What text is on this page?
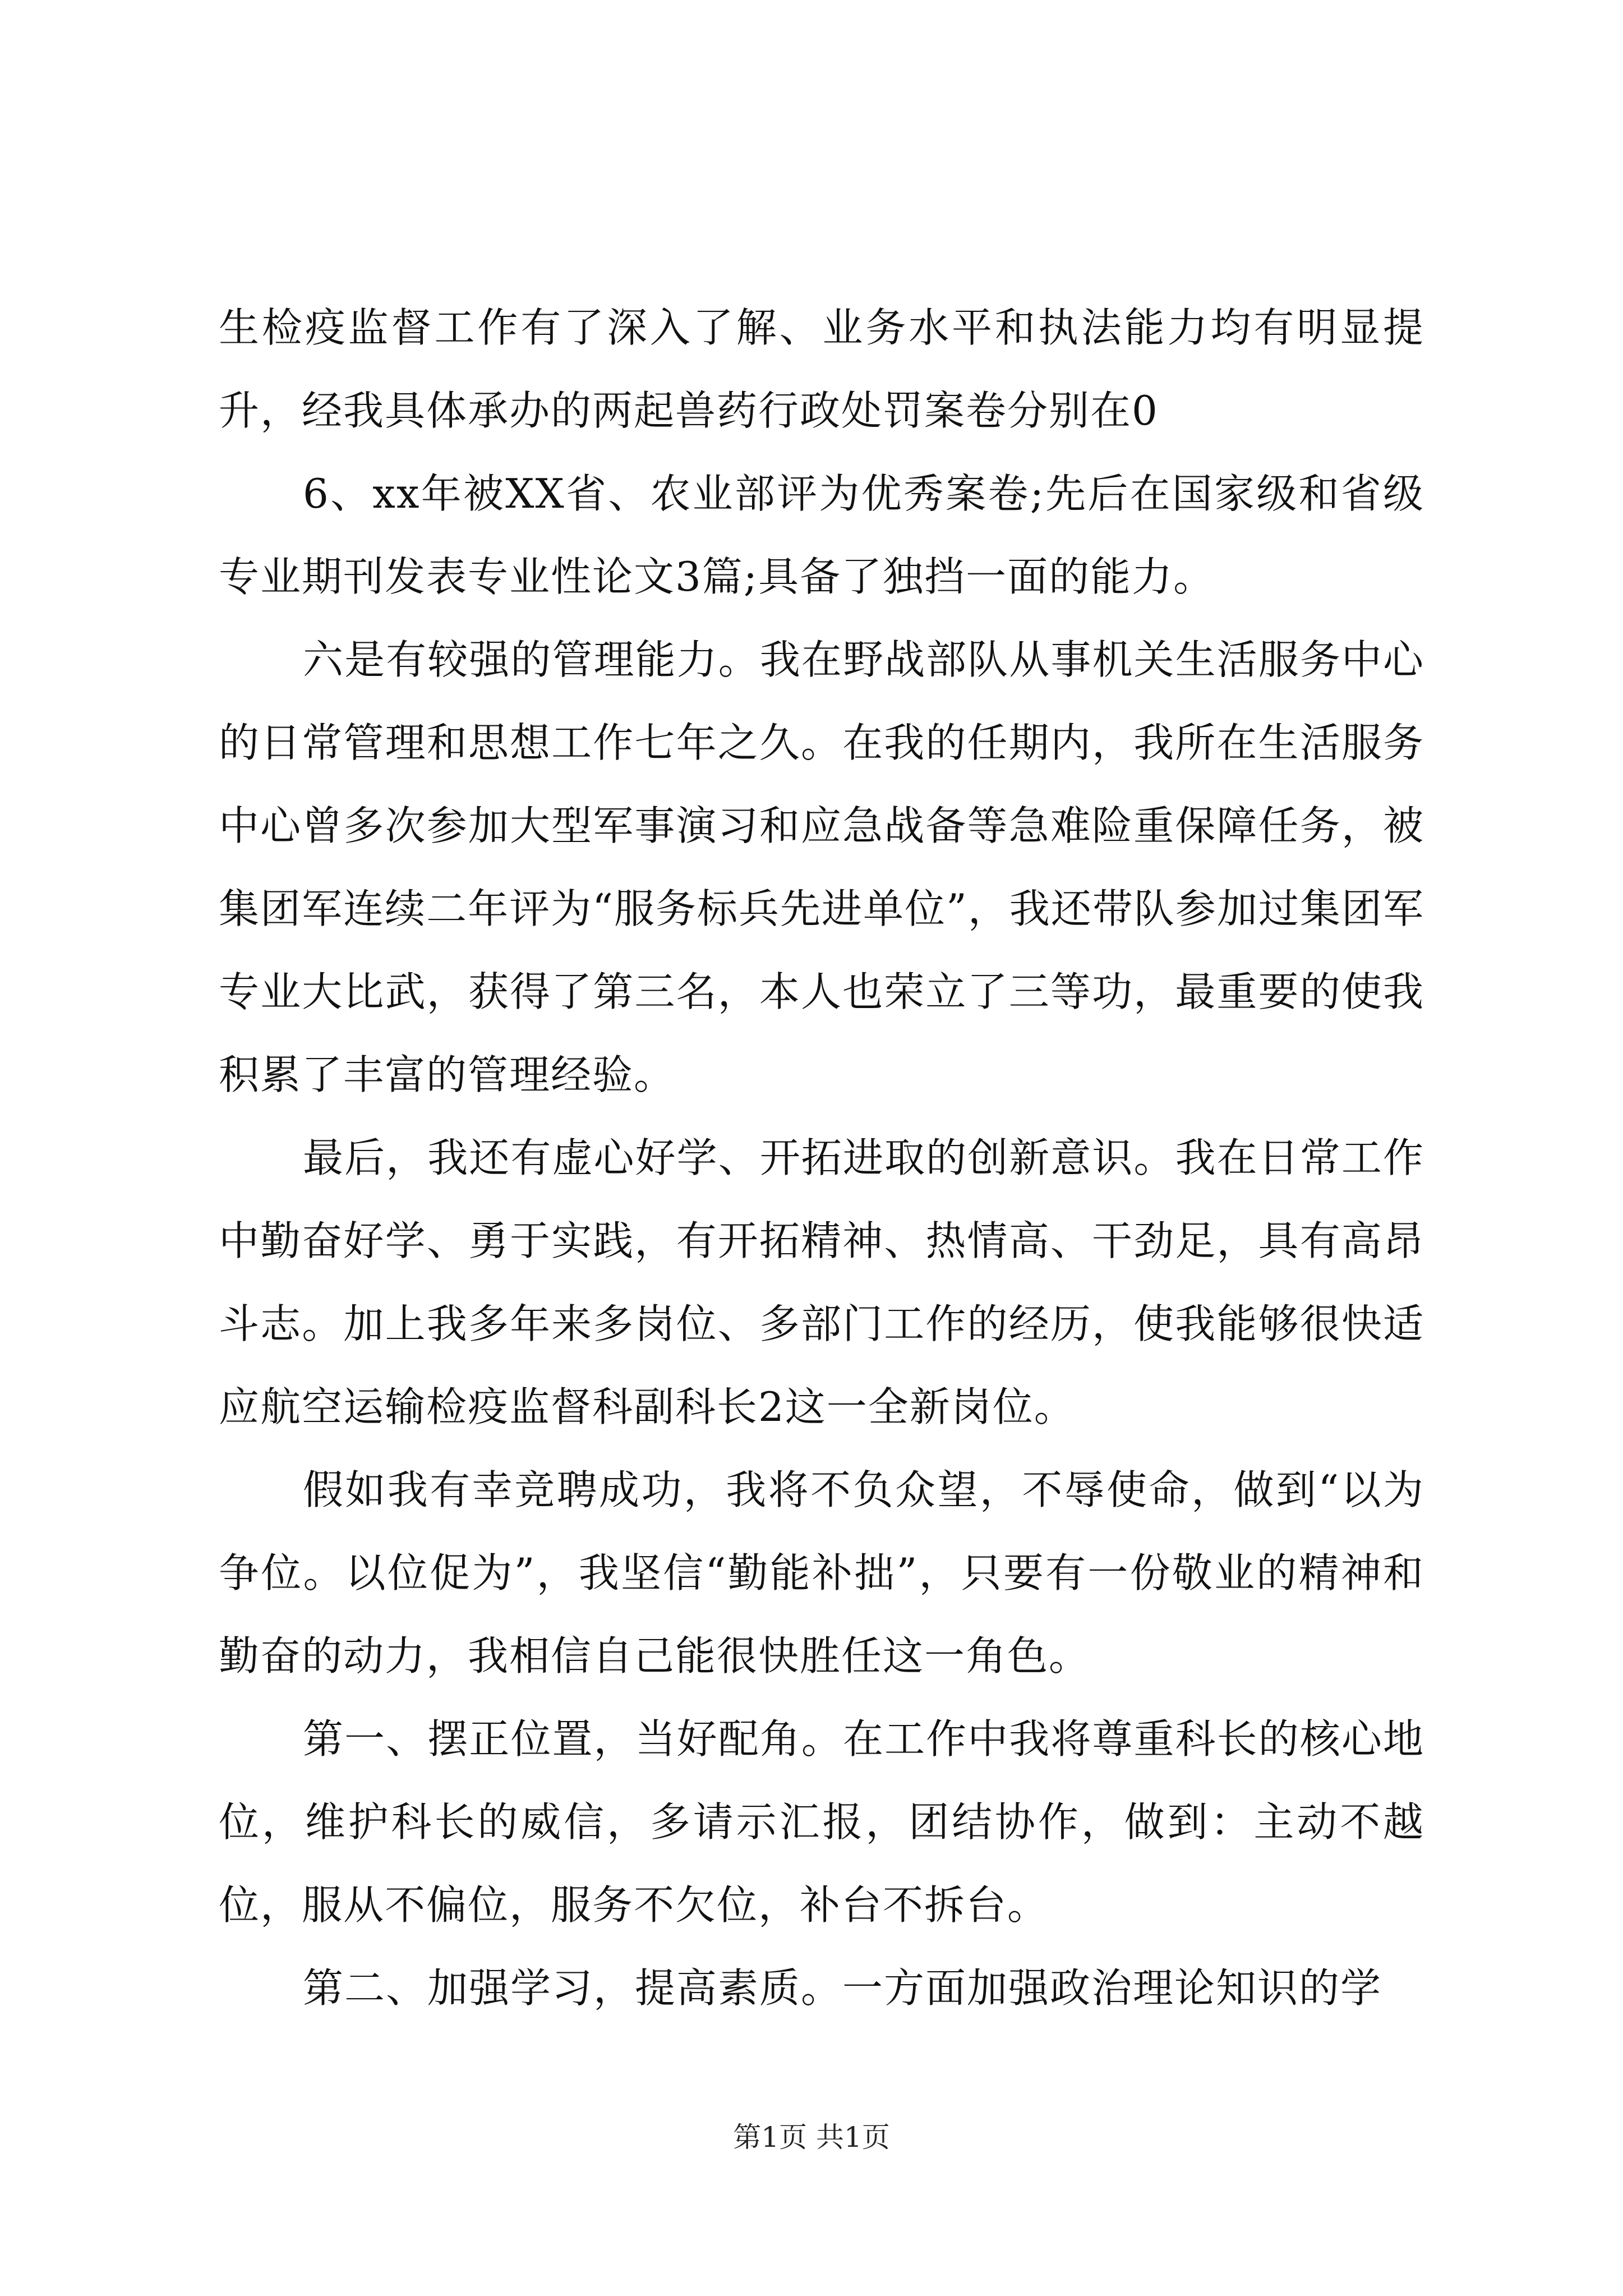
生检疫监督工作有了深入了解、业务水平和执法能力均有明显提升，经我具体承办的两起兽药行政处罚案卷分别在0

6、xx年被XX省、农业部评为优秀案卷;先后在国家级和省级专业期刊发表专业性论文3篇;具备了独挡一面的能力。

六是有较强的管理能力。我在野战部队从事机关生活服务中心的日常管理和思想工作七年之久。在我的任期内，我所在生活服务中心曾多次参加大型军事演习和应急战备等急难险重保障任务，被集团军连续二年评为“服务标兵先进单位”，我还带队参加过集团军专业大比武，获得了第三名，本人也荣立了三等功，最重要的使我积累了丰富的管理经验。

最后，我还有虚心好学、开拓进取的创新意识。我在日常工作中勤奋好学、勇于实践，有开拓精神、热情高、干劲足，具有高昂斗志。加上我多年来多岗位、多部门工作的经历，使我能够很快适应航空运输检疫监督科副科长2这一全新岗位。

假如我有幸竞聘成功，我将不负众望，不辱使命，做到“以为争位。以位促为”，我坚信“勤能补拙”，只要有一份敬业的精神和勤奋的动力，我相信自己能很快胜任这一角色。

第一、摆正位置，当好配角。在工作中我将尊重科长的核心地位，维护科长的威信，多请示汇报，团结协作，做到：主动不越位，服从不偏位，服务不欠位，补台不拆台。

第二、加强学习，提高素质。一方面加强政治理论知识的学

第1页 共1页
